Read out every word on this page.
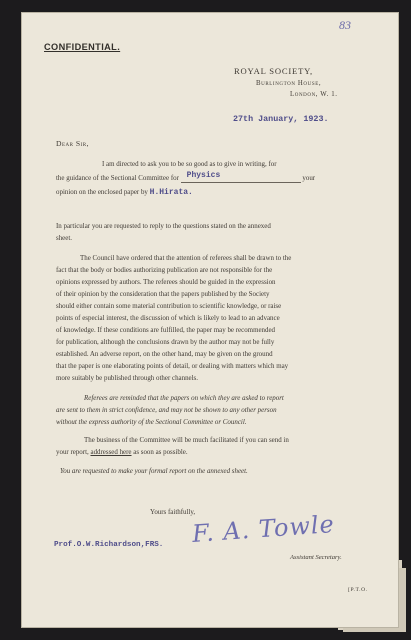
83
CONFIDENTIAL.
ROYAL SOCIETY,
Burlington House,
London, W. 1.
27th January, 1923.
Dear Sir,
I am directed to ask you to be so good as to give in writing, for
the guidance of the Sectional Committee for Physics	your
opinion on the enclosed paper by H.Hirata.
In particular you are requested to reply to the questions stated on the annexed
sheet.
The Council have ordered that the attention of referees shall be drawn to the
fact that the body or bodies authorizing publication are not responsible for the
opinions expressed by authors. The referees should be guided in the expression
of their opinion by the consideration that the papers published by the Society
should either contain some material contribution to scientific knowledge, or raise
points of especial interest, the discussion of which is likely to lead to an advance
of knowledge. If these conditions are fulfilled, the paper may be recommended
for publication, although the conclusions drawn by the author may not be fully
established. An adverse report, on the other hand, may be given on the ground
that the paper is one elaborating points of detail, or dealing with matters which may
more suitably be published through other channels.
Referees are reminded that the papers on which they are asked to report
are sent to them in strict confidence, and may not be shown to any other person
without the express authority of the Sectional Committee or Council.
The business of the Committee will be much facilitated if you can send in
your report, addressed here as soon as possible.
You are requested to make your formal report on the annexed sheet.
Yours faithfully,
F. A. Towle
Prof.O.W.Richardson,FRS.
Assistant Secretary.
[P.T.O.
